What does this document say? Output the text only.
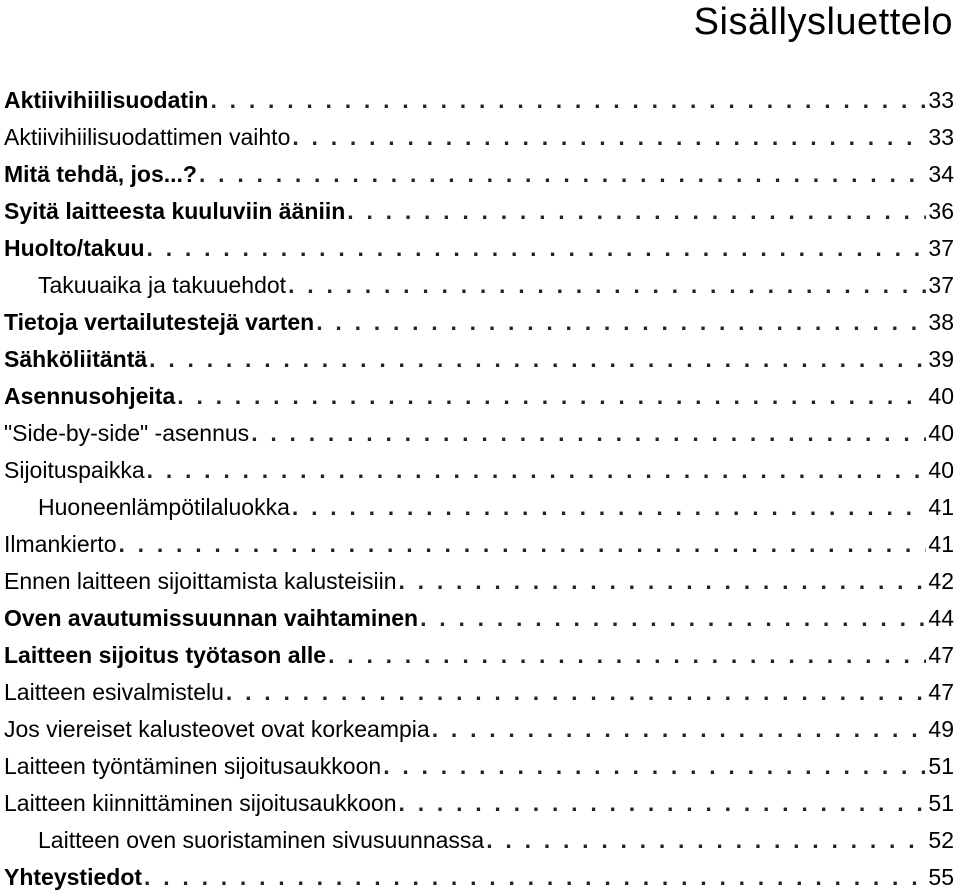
Sisällysluettelo
Aktiivihiilisuodatin . . .	33
Aktiivihiilisuodattimen vaihto . . .	33
Mitä tehdä, jos...? . . .	34
Syitä laitteesta kuuluviin ääniin . . .	36
Huolto/takuu . . .	37
Takuuaika ja takuuehdot . . .	37
Tietoja vertailutestejä varten . . .	38
Sähköliitäntä . . .	39
Asennusohjeita . . .	40
"Side-by-side" -asennus . . .	40
Sijoituspaikka . . .	40
Huoneenlämpötilaluokka . . .	41
Ilmankierto . . .	41
Ennen laitteen sijoittamista kalusteisiin . . .	42
Oven avautumissuunnan vaihtaminen . . .	44
Laitteen sijoitus työtason alle . . .	47
Laitteen esivalmistelu . . .	47
Jos viereiset kalusteovet ovat korkeampia . . .	49
Laitteen työntäminen sijoitusaukkoon . . .	51
Laitteen kiinnittäminen sijoitusaukkoon . . .	51
Laitteen oven suoristaminen sivusuunnassa . . .	52
Yhteystiedot . . .	55
